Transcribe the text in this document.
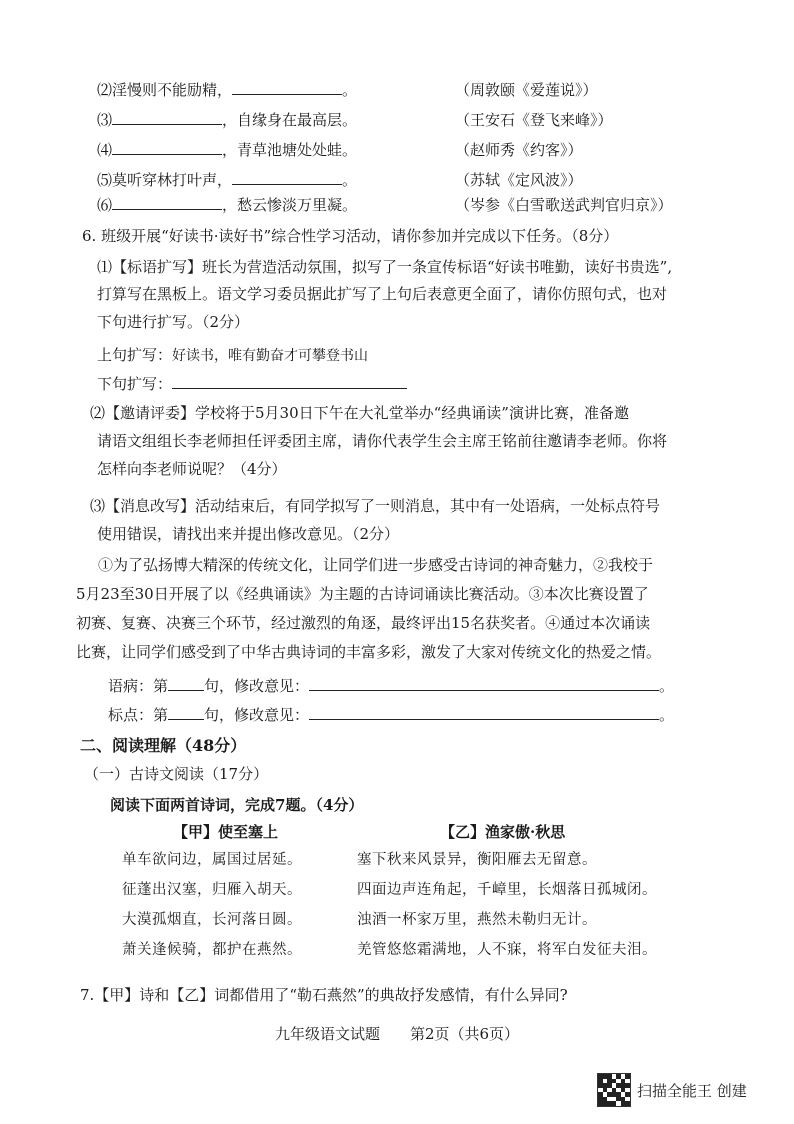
⑵淫慢则不能励精，	。	（周敦颐《爱莲说》）
⑶	，自缘身在最高层。	（王安石《登飞来峰》）
⑷	，青草池塘处处蛙。	（赵师秀《约客》）
⑸莫听穿林打叶声，	。	（苏轼《定风波》）
⑹	，愁云惨淡万里凝。	（岑参《白雪歌送武判官归京》）
6. 班级开展“好读书·读好书”综合性学习活动，请你参加并完成以下任务。（8分）
⑴【标语扩写】班长为营造活动氛围，拟写了一条宣传标语“好读书唯勤，读好书贵选”,
打算写在黑板上。语文学习委员据此扩写了上句后表意更全面了，请你仿照句式，也对
下句进行扩写。（2分）
上句扩写：好读书，唯有勤奋才可攀登书山
下句扩写：
⑵【邀请评委】学校将于5月30日下午在大礼堂举办“经典诵读”演讲比赛，准备邀
请语文组组长李老师担任评委团主席，请你代表学生会主席王铭前往邀请李老师。你将
怎样向李老师说呢？（4分）
⑶【消息改写】活动结束后，有同学拟写了一则消息，其中有一处语病，一处标点符号
使用错误，请找出来并提出修改意见。（2分）
①为了弘扬博大精深的传统文化，让同学们进一步感受古诗词的神奇魅力，②我校于
5月23至30日开展了以《经典诵读》为主题的古诗词诵读比赛活动。③本次比赛设置了
初赛、复赛、决赛三个环节，经过激烈的角逐，最终评出15名获奖者。④通过本次诵读
比赛，让同学们感受到了中华古典诗词的丰富多彩，激发了大家对传统文化的热爱之情。
语病：第 句，修改意见：	。
标点：第 句，修改意见：	。
二、阅读理解（48分）
（一）古诗文阅读（17分）
阅读下面两首诗词，完成7题。（4分）
【甲】使至塞上	【乙】渔家傲·秋思
单车欲问边，属国过居延。
征蓬出汉塞，归雁入胡天。
大漠孤烟直，长河落日圆。
萧关逢候骑，都护在燕然。
塞下秋来风景异，衡阳雁去无留意。
四面边声连角起，千嶂里，长烟落日孤城闭。
浊酒一杯家万里，燕然未勒归无计。
羌管悠悠霜满地，人不寐，将军白发征夫泪。
7.【甲】诗和【乙】词都借用了“勒石燕然”的典故抒发感情，有什么异同?
九年级语文试题　　第2页（共6页）
扫描全能王 创建
